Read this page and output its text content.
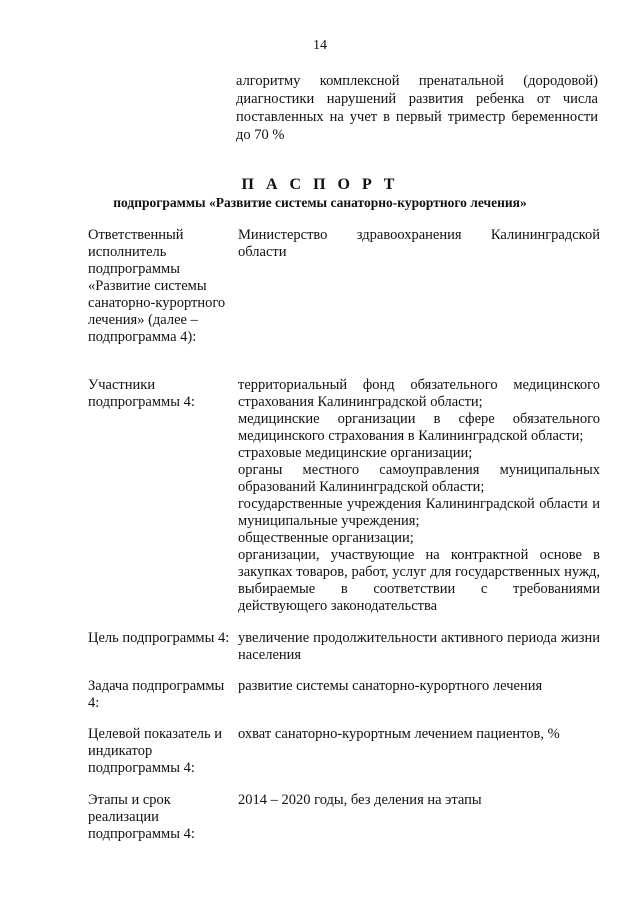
14
алгоритму комплексной пренатальной (дородовой) диагностики нарушений развития ребенка от числа поставленных на учет в первый триместр беременности до 70 %
П А С П О Р Т
подпрограммы «Развитие системы санаторно-курортного лечения»
Ответственный исполнитель подпрограммы «Развитие системы санаторно-курортного лечения» (далее – подпрограмма 4):
Министерство здравоохранения Калининградской области
Участники подпрограммы 4:
территориальный фонд обязательного медицинского страхования Калининградской области;
медицинские организации в сфере обязательного медицинского страхования в Калининградской области;
страховые медицинские организации;
органы местного самоуправления муниципальных образований Калининградской области;
государственные учреждения Калининградской области и муниципальные учреждения;
общественные организации;
организации, участвующие на контрактной основе в закупках товаров, работ, услуг для государственных нужд, выбираемые в соответствии с требованиями действующего законодательства
Цель подпрограммы 4: увеличение продолжительности активного периода жизни населения
Задача подпрограммы 4:
развитие системы санаторно-курортного лечения
Целевой показатель и индикатор подпрограммы 4:
охват санаторно-курортным лечением пациентов, %
Этапы и срок реализации подпрограммы 4:
2014 – 2020 годы, без деления на этапы
